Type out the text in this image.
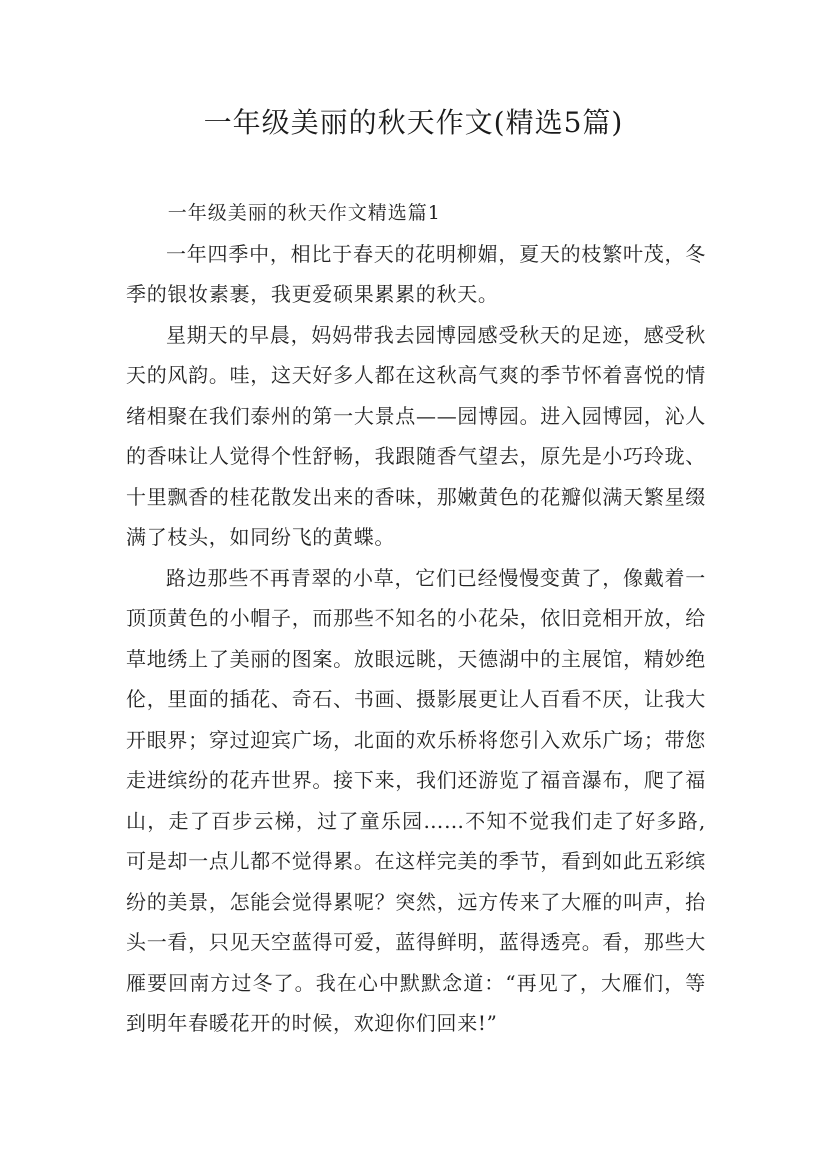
一年级美丽的秋天作文(精选5篇)

一年级美丽的秋天作文精选篇1

一年四季中，相比于春天的花明柳媚，夏天的枝繁叶茂，冬季的银妆素裹，我更爱硕果累累的秋天。

星期天的早晨，妈妈带我去园博园感受秋天的足迹，感受秋天的风韵。哇，这天好多人都在这秋高气爽的季节怀着喜悦的情绪相聚在我们泰州的第一大景点——园博园。进入园博园，沁人的香味让人觉得个性舒畅，我跟随香气望去，原先是小巧玲珑、十里飘香的桂花散发出来的香味，那嫩黄色的花瓣似满天繁星缀满了枝头，如同纷飞的黄蝶。

路边那些不再青翠的小草，它们已经慢慢变黄了，像戴着一顶顶黄色的小帽子，而那些不知名的小花朵，依旧竞相开放，给草地绣上了美丽的图案。放眼远眺，天德湖中的主展馆，精妙绝伦，里面的插花、奇石、书画、摄影展更让人百看不厌，让我大开眼界；穿过迎宾广场，北面的欢乐桥将您引入欢乐广场；带您走进缤纷的花卉世界。接下来，我们还游览了福音瀑布，爬了福山，走了百步云梯，过了童乐园……不知不觉我们走了好多路,可是却一点儿都不觉得累。在这样完美的季节，看到如此五彩缤纷的美景，怎能会觉得累呢？突然，远方传来了大雁的叫声，抬头一看，只见天空蓝得可爱，蓝得鲜明，蓝得透亮。看，那些大雁要回南方过冬了。我在心中默默念道：“再见了，大雁们，等到明年春暖花开的时候，欢迎你们回来!”
